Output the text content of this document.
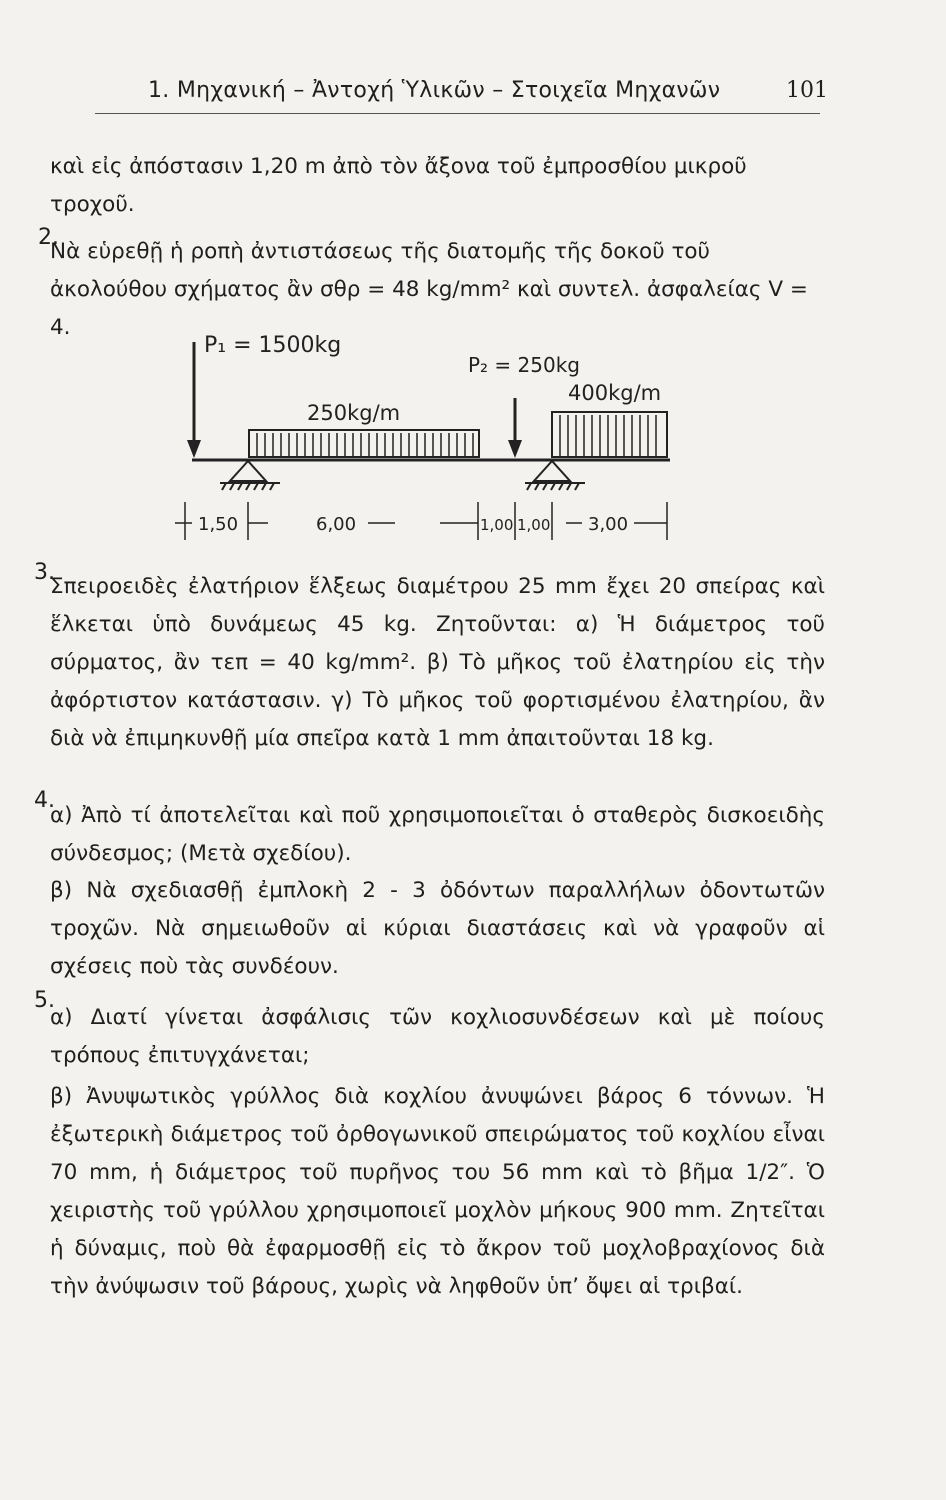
1. Μηχανική – Ἀντοχή Ὑλικῶν – Στοιχεῖα Μηχανῶν	101

καὶ εἰς ἀπόστασιν 1,20 m ἀπὸ τὸν ἄξονα τοῦ ἐμπροσθίου μικροῦ τροχοῦ.

2.

Νὰ εὑρεθῇ ἡ ροπὴ ἀντιστάσεως τῆς διατομῆς τῆς δοκοῦ τοῦ ἀκολούθου σχήματος ἂν σθρ = 48 kg/mm² καὶ συντελ. ἀσφαλείας V = 4.

P₁ = 1500kg
250kg/m
P₂ = 250kg
400kg/m
1,50	6,00	1,00 1,00 3,00
3.

Σπειροειδὲς ἐλατήριον ἕλξεως διαμέτρου 25 mm ἔχει 20 σπείρας καὶ ἕλκεται ὑπὸ δυνάμεως 45 kg. Ζητοῦνται: α) Ἡ διάμετρος τοῦ σύρματος, ἂν τεπ = 40 kg/mm². β) Τὸ μῆκος τοῦ ἐλατηρίου εἰς τὴν ἀφόρτιστον κατάστασιν. γ) Τὸ μῆκος τοῦ φορτισμένου ἐλατηρίου, ἂν διὰ νὰ ἐπιμηκυνθῇ μία σπεῖρα κατὰ 1 mm ἀπαιτοῦνται 18 kg.

4.

α) Ἀπὸ τί ἀποτελεῖται καὶ ποῦ χρησιμοποιεῖται ὁ σταθερὸς δισκοειδὴς σύνδεσμος; (Μετὰ σχεδίου).

β) Νὰ σχεδιασθῇ ἐμπλοκὴ 2 - 3 ὀδόντων παραλλήλων ὀδοντωτῶν τροχῶν. Νὰ σημειωθοῦν αἱ κύριαι διαστάσεις καὶ νὰ γραφοῦν αἱ σχέσεις ποὺ τὰς συνδέουν.

5.

α) Διατί γίνεται ἀσφάλισις τῶν κοχλιοσυνδέσεων καὶ μὲ ποίους τρόπους ἐπιτυγχάνεται;

β) Ἀνυψωτικὸς γρύλλος διὰ κοχλίου ἀνυψώνει βάρος 6 τόννων. Ἡ ἐξωτερικὴ διάμετρος τοῦ ὀρθογωνικοῦ σπειρώματος τοῦ κοχλίου εἶναι 70 mm, ἡ διάμετρος τοῦ πυρῆνος του 56 mm καὶ τὸ βῆμα 1/2″. Ὁ χειριστὴς τοῦ γρύλλου χρησιμοποιεῖ μοχλὸν μήκους 900 mm. Ζητεῖται ἡ δύναμις, ποὺ θὰ ἐφαρμοσθῇ εἰς τὸ ἄκρον τοῦ μοχλοβραχίονος διὰ τὴν ἀνύψωσιν τοῦ βάρους, χωρὶς νὰ ληφθοῦν ὑπ’ ὄψει αἱ τριβαί.
